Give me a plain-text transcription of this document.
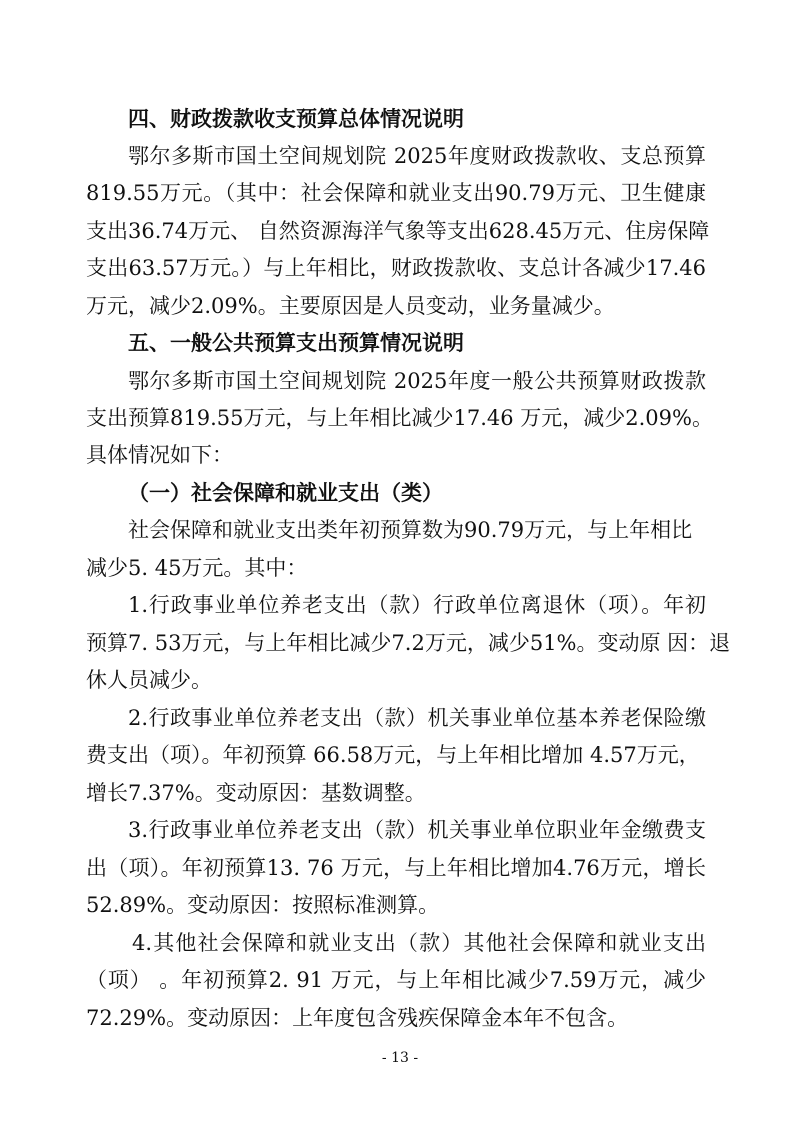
四、财政拨款收支预算总体情况说明
鄂尔多斯市国土空间规划院 2025年度财政拨款收、支总预算
819.55万元。（其中：社会保障和就业支出90.79万元、卫生健康
支出36.74万元、 自然资源海洋气象等支出628.45万元、住房保障
支出63.57万元。）与上年相比，财政拨款收、支总计各减少17.46
万元，减少2.09%。主要原因是人员变动，业务量减少。
五、一般公共预算支出预算情况说明
鄂尔多斯市国土空间规划院 2025年度一般公共预算财政拨款
支出预算819.55万元，与上年相比减少17.46 万元，减少2.09%。
具体情况如下：
（一）社会保障和就业支出（类）
社会保障和就业支出类年初预算数为90.79万元，与上年相比
减少5. 45万元。其中：
1.行政事业单位养老支出（款）行政单位离退休（项）。年初
预算7. 53万元，与上年相比减少7.2万元，减少51%。变动原 因：退
休人员减少。
2.行政事业单位养老支出（款）机关事业单位基本养老保险缴
费支出（项）。年初预算 66.58万元，与上年相比增加 4.57万元，
增长7.37%。变动原因：基数调整。
3.行政事业单位养老支出（款）机关事业单位职业年金缴费支
出（项）。年初预算13. 76 万元，与上年相比增加4.76万元，增长
52.89%。变动原因：按照标准测算。
4.其他社会保障和就业支出（款）其他社会保障和就业支出
（项） 。年初预算2. 91 万元，与上年相比减少7.59万元，减少
72.29%。变动原因：上年度包含残疾保障金本年不包含。
- 13 -
